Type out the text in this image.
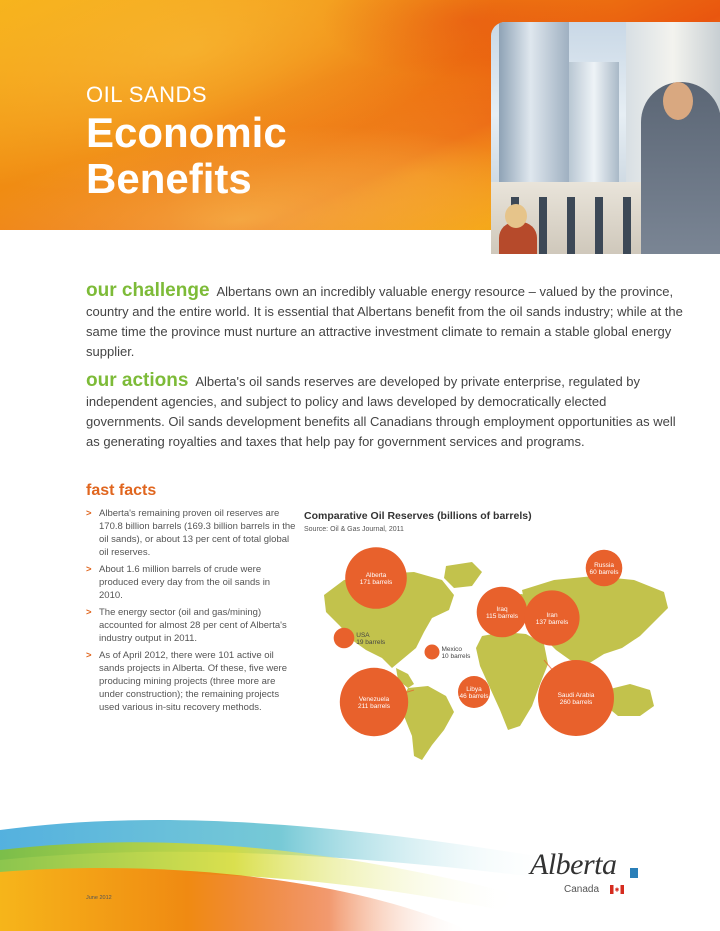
OIL SANDS
Economic
Benefits
our challenge Albertans own an incredibly valuable energy resource – valued by the province, country and the entire world. It is essential that Albertans benefit from the oil sands industry; while at the same time the province must nurture an attractive investment climate to remain a stable global energy supplier.
our actions Alberta's oil sands reserves are developed by private enterprise, regulated by independent agencies, and subject to policy and laws developed by democratically elected governments. Oil sands development benefits all Canadians through employment opportunities as well as generating royalties and taxes that help pay for government services and programs.
fast facts
> Alberta's remaining proven oil reserves are 170.8 billion barrels (169.3 billion barrels in the oil sands), or about 13 per cent of total global oil reserves.
> About 1.6 million barrels of crude were produced every day from the oil sands in 2010.
> The energy sector (oil and gas/mining) accounted for almost 28 per cent of Alberta's industry output in 2011.
> As of April 2012, there were 101 active oil sands projects in Alberta. Of these, five were producing mining projects (three more are under construction); the remaining projects used various in-situ recovery methods.
Comparative Oil Reserves (billions of barrels)
Source: Oil & Gas Journal, 2011
Alberta
171 barrels
Russia
60 barrels
Iraq
115 barrels	Iran
137 barrels
USA
19 barrels
Mexico
10 barrels
Venezuela
211 barrels
Libya
46 barrels	Saudi Arabia
260 barrels
June 2012
Alberta
Canada
